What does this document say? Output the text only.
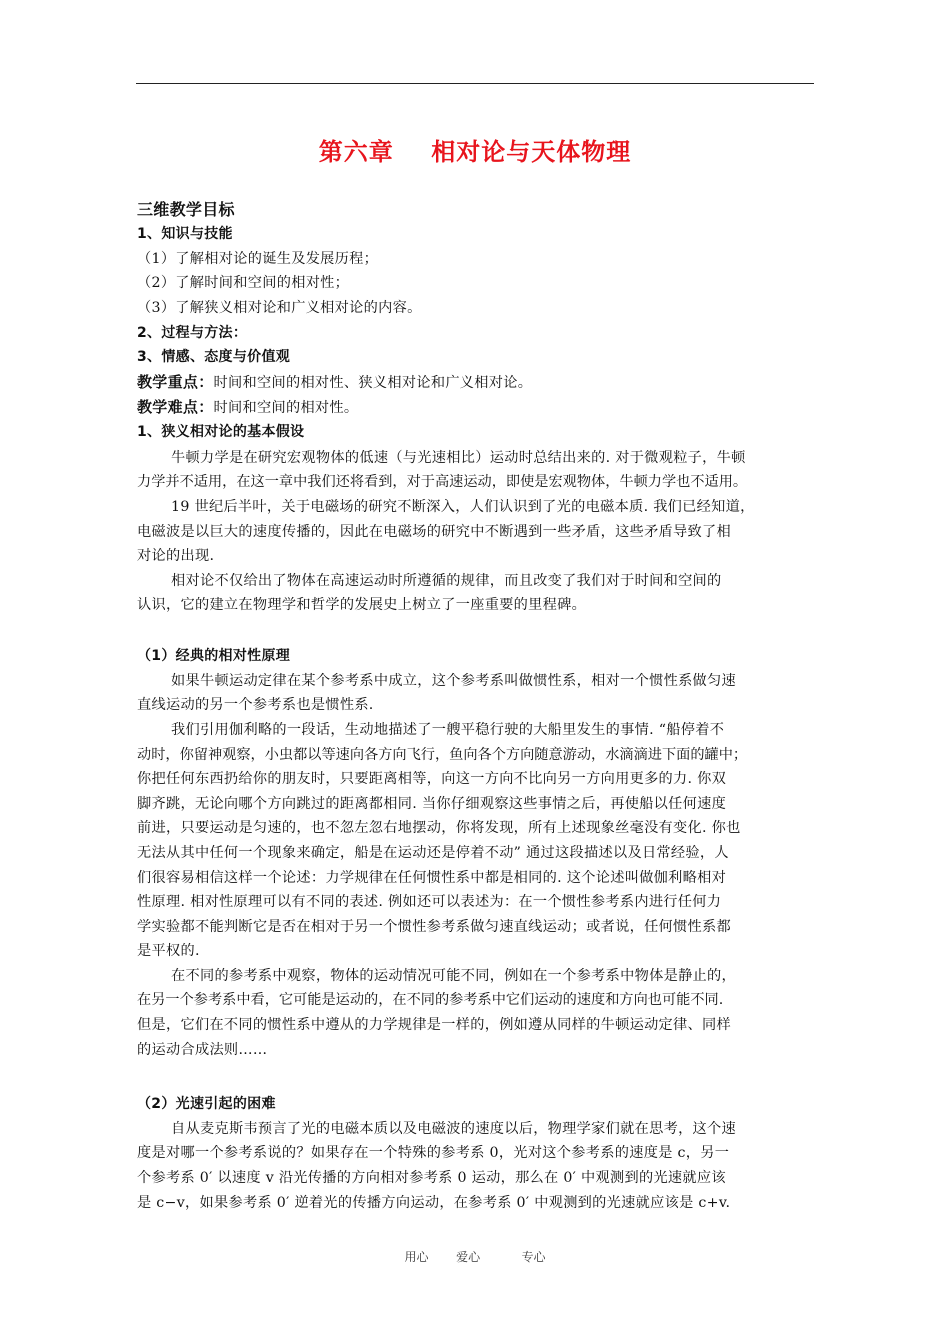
第六章    相对论与天体物理
三维教学目标
1、知识与技能
（1）了解相对论的诞生及发展历程；
（2）了解时间和空间的相对性；
（3）了解狭义相对论和广义相对论的内容。
2、过程与方法：
3、情感、态度与价值观
教学重点：时间和空间的相对性、狭义相对论和广义相对论。
教学难点：时间和空间的相对性。
1、狭义相对论的基本假设
牛顿力学是在研究宏观物体的低速（与光速相比）运动时总结出来的. 对于微观粒子，牛顿
力学并不适用，在这一章中我们还将看到，对于高速运动，即使是宏观物体，牛顿力学也不适用。
19 世纪后半叶，关于电磁场的研究不断深入，人们认识到了光的电磁本质. 我们已经知道，
电磁波是以巨大的速度传播的，因此在电磁场的研究中不断遇到一些矛盾，这些矛盾导致了相
对论的出现.
相对论不仅给出了物体在高速运动时所遵循的规律，而且改变了我们对于时间和空间的
认识，它的建立在物理学和哲学的发展史上树立了一座重要的里程碑。
（1）经典的相对性原理
如果牛顿运动定律在某个参考系中成立，这个参考系叫做惯性系，相对一个惯性系做匀速
直线运动的另一个参考系也是惯性系.
我们引用伽利略的一段话，生动地描述了一艘平稳行驶的大船里发生的事情. “船停着不
动时，你留神观察，小虫都以等速向各方向飞行，鱼向各个方向随意游动，水滴滴进下面的罐中；
你把任何东西扔给你的朋友时，只要距离相等，向这一方向不比向另一方向用更多的力. 你双
脚齐跳，无论向哪个方向跳过的距离都相同. 当你仔细观察这些事情之后，再使船以任何速度
前进，只要运动是匀速的，也不忽左忽右地摆动，你将发现，所有上述现象丝毫没有变化. 你也
无法从其中任何一个现象来确定，船是在运动还是停着不动” 通过这段描述以及日常经验，人
们很容易相信这样一个论述：力学规律在任何惯性系中都是相同的. 这个论述叫做伽利略相对
性原理. 相对性原理可以有不同的表述. 例如还可以表述为：在一个惯性参考系内进行任何力
学实验都不能判断它是否在相对于另一个惯性参考系做匀速直线运动；或者说，任何惯性系都
是平权的.
在不同的参考系中观察，物体的运动情况可能不同，例如在一个参考系中物体是静止的，
在另一个参考系中看，它可能是运动的，在不同的参考系中它们运动的速度和方向也可能不同.
但是，它们在不同的惯性系中遵从的力学规律是一样的，例如遵从同样的牛顿运动定律、同样
的运动合成法则……
（2）光速引起的困难
自从麦克斯韦预言了光的电磁本质以及电磁波的速度以后，物理学家们就在思考，这个速
度是对哪一个参考系说的？如果存在一个特殊的参考系 0，光对这个参考系的速度是 c，另一
个参考系 0′ 以速度 v 沿光传播的方向相对参考系 0 运动，那么在 0′ 中观测到的光速就应该
是 c−v，如果参考系 0′ 逆着光的传播方向运动，在参考系 0′ 中观测到的光速就应该是 c+v.
用心  爱心   专心
